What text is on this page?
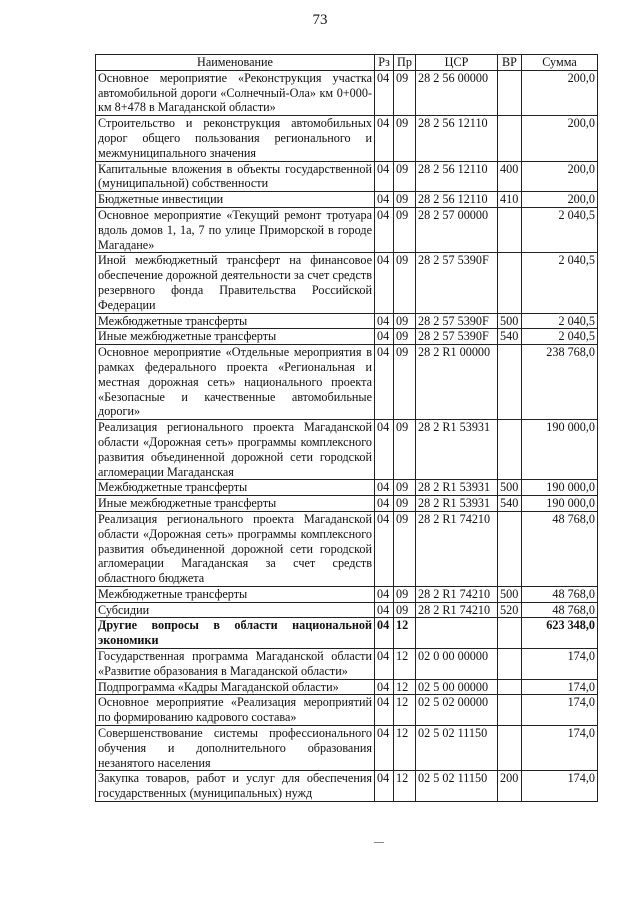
73
Наименование	Рз	Пр	ЦСР	ВР	Сумма
Основное мероприятие «Реконструкция участка автомобильной дороги «Солнечный-Ола» км 0+000-км 8+478 в Магаданской области»	04	09	28 2 56 00000		200,0
Строительство и реконструкция автомобильных дорог общего пользования регионального и межмуниципального значения	04	09	28 2 56 12110		200,0
Капитальные вложения в объекты государственной (муниципальной) собственности	04	09	28 2 56 12110	400	200,0
Бюджетные инвестиции	04	09	28 2 56 12110	410	200,0
Основное мероприятие «Текущий ремонт тротуара вдоль домов 1, 1а, 7 по улице Приморской в городе Магадане»	04	09	28 2 57 00000		2 040,5
Иной межбюджетный трансферт на финансовое обеспечение дорожной деятельности за счет средств резервного фонда Правительства Российской Федерации	04	09	28 2 57 5390F		2 040,5
Межбюджетные трансферты	04	09	28 2 57 5390F	500	2 040,5
Иные межбюджетные трансферты	04	09	28 2 57 5390F	540	2 040,5
Основное мероприятие «Отдельные мероприятия в рамках федерального проекта «Региональная и местная дорожная сеть» национального проекта «Безопасные и качественные автомобильные дороги»	04	09	28 2 R1 00000		238 768,0
Реализация регионального проекта Магаданской области «Дорожная сеть» программы комплексного развития объединенной дорожной сети городской агломерации Магаданская	04	09	28 2 R1 53931		190 000,0
Межбюджетные трансферты	04	09	28 2 R1 53931	500	190 000,0
Иные межбюджетные трансферты	04	09	28 2 R1 53931	540	190 000,0
Реализация регионального проекта Магаданской области «Дорожная сеть» программы комплексного развития объединенной дорожной сети городской агломерации Магаданская за счет средств областного бюджета	04	09	28 2 R1 74210		48 768,0
Межбюджетные трансферты	04	09	28 2 R1 74210	500	48 768,0
Субсидии	04	09	28 2 R1 74210	520	48 768,0
Другие вопросы в области национальной экономики	04	12			623 348,0
Государственная программа Магаданской области «Развитие образования в Магаданской области»	04	12	02 0 00 00000		174,0
Подпрограмма «Кадры Магаданской области»	04	12	02 5 00 00000		174,0
Основное мероприятие «Реализация мероприятий по формированию кадрового состава»	04	12	02 5 02 00000		174,0
Совершенствование системы профессионального обучения и дополнительного образования незанятого населения	04	12	02 5 02 11150		174,0
Закупка товаров, работ и услуг для обеспечения государственных (муниципальных) нужд	04	12	02 5 02 11150	200	174,0
